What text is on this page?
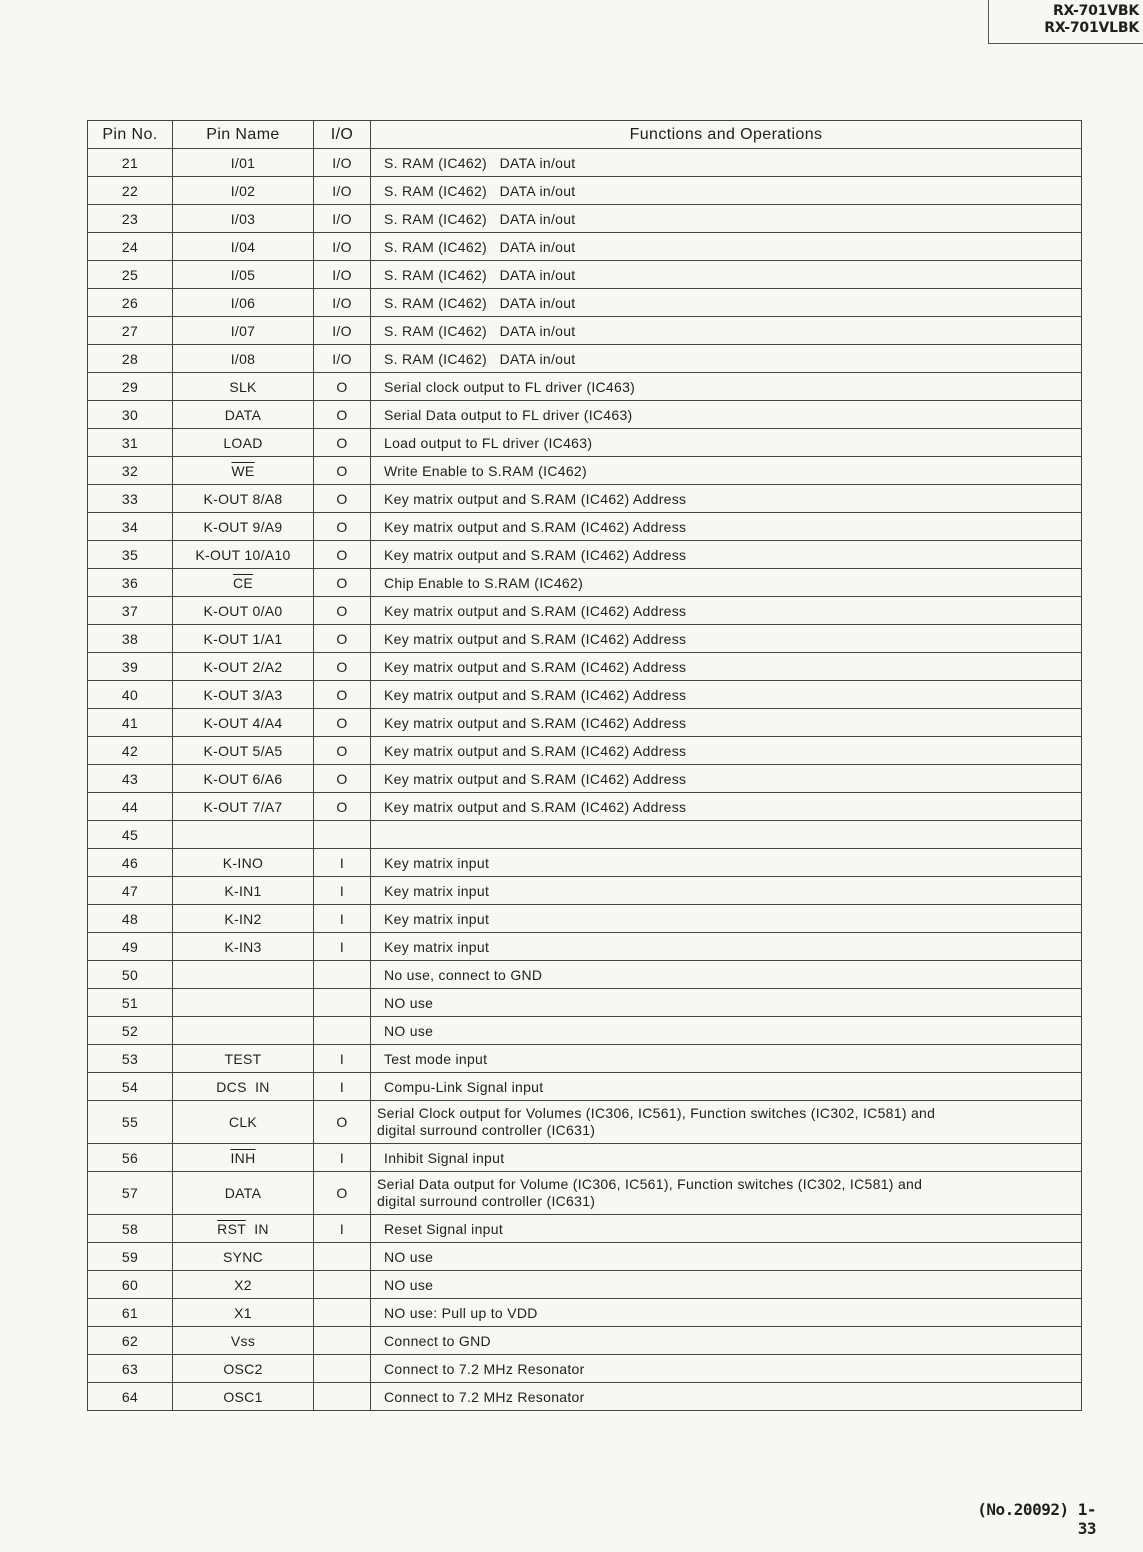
RX-701VBK
RX-701VLBK
Pin No.	Pin Name	I/O	Functions and Operations
21	I/01	I/O	S. RAM (IC462)   DATA in/out
22	I/02	I/O	S. RAM (IC462)   DATA in/out
23	I/03	I/O	S. RAM (IC462)   DATA in/out
24	I/04	I/O	S. RAM (IC462)   DATA in/out
25	I/05	I/O	S. RAM (IC462)   DATA in/out
26	I/06	I/O	S. RAM (IC462)   DATA in/out
27	I/07	I/O	S. RAM (IC462)   DATA in/out
28	I/08	I/O	S. RAM (IC462)   DATA in/out
29	SLK	O	Serial clock output to FL driver (IC463)
30	DATA	O	Serial Data output to FL driver (IC463)
31	LOAD	O	Load output to FL driver (IC463)
32	$\overline{WE}$	O	Write Enable to S.RAM (IC462)
33	K-OUT 8/A8	O	Key matrix output and S.RAM (IC462) Address
34	K-OUT 9/A9	O	Key matrix output and S.RAM (IC462) Address
35	K-OUT 10/A10	O	Key matrix output and S.RAM (IC462) Address
36	$\overline{CE}$	O	Chip Enable to S.RAM (IC462)
37	K-OUT 0/A0	O	Key matrix output and S.RAM (IC462) Address
38	K-OUT 1/A1	O	Key matrix output and S.RAM (IC462) Address
39	K-OUT 2/A2	O	Key matrix output and S.RAM (IC462) Address
40	K-OUT 3/A3	O	Key matrix output and S.RAM (IC462) Address
41	K-OUT 4/A4	O	Key matrix output and S.RAM (IC462) Address
42	K-OUT 5/A5	O	Key matrix output and S.RAM (IC462) Address
43	K-OUT 6/A6	O	Key matrix output and S.RAM (IC462) Address
44	K-OUT 7/A7	O	Key matrix output and S.RAM (IC462) Address
45			
46	K-INO	I	Key matrix input
47	K-IN1	I	Key matrix input
48	K-IN2	I	Key matrix input
49	K-IN3	I	Key matrix input
50			No use, connect to GND
51			NO use
52			NO use
53	TEST	I	Test mode input
54	DCS  IN	I	Compu-Link Signal input
55	CLK	O	Serial Clock output for Volumes (IC306, IC561), Function switches (IC302, IC581) and
digital surround controller (IC631)
56	$\overline{INH}$	I	Inhibit Signal input
57	DATA	O	Serial Data output for Volume (IC306, IC561), Function switches (IC302, IC581) and
digital surround controller (IC631)
58	$\overline{RST}$  IN	I	Reset Signal input
59	SYNC		NO use
60	X2		NO use
61	X1		NO use: Pull up to VDD
62	Vss		Connect to GND
63	OSC2		Connect to 7.2 MHz Resonator
64	OSC1		Connect to 7.2 MHz Resonator
(No.20092) 1-33
